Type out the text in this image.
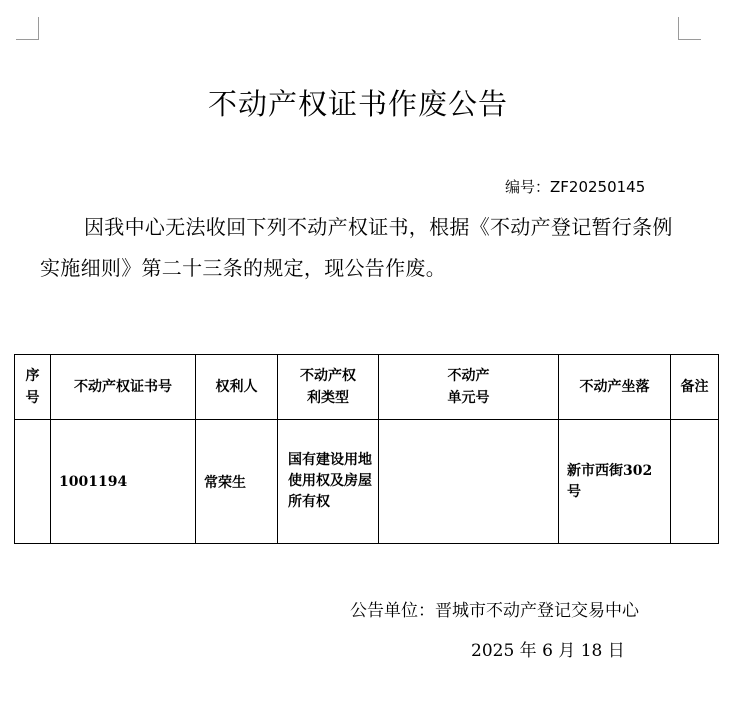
不动产权证书作废公告
编号：ZF20250145
因我中心无法收回下列不动产权证书，根据《不动产登记暂行条例实施细则》第二十三条的规定，现公告作废。
序号	不动产权证书号	权利人	不动产权利类型	不动产单元号	不动产坐落	备注
	1001194	常荣生	国有建设用地使用权及房屋所有权		新市西街302号	
公告单位：晋城市不动产登记交易中心
2025 年 6 月 18 日
